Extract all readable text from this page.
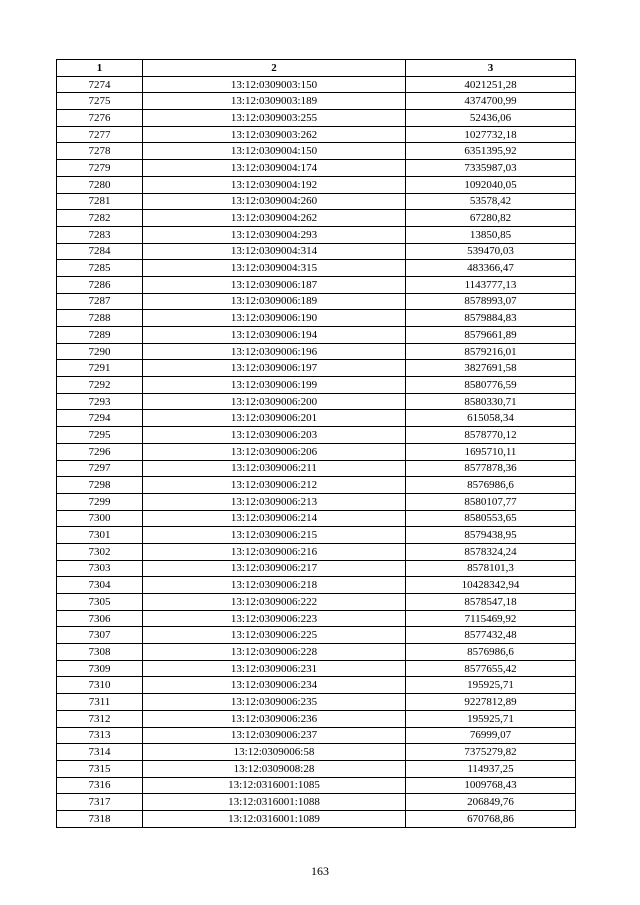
1	2	3
7274	13:12:0309003:150	4021251,28
7275	13:12:0309003:189	4374700,99
7276	13:12:0309003:255	52436,06
7277	13:12:0309003:262	1027732,18
7278	13:12:0309004:150	6351395,92
7279	13:12:0309004:174	7335987,03
7280	13:12:0309004:192	1092040,05
7281	13:12:0309004:260	53578,42
7282	13:12:0309004:262	67280,82
7283	13:12:0309004:293	13850,85
7284	13:12:0309004:314	539470,03
7285	13:12:0309004:315	483366,47
7286	13:12:0309006:187	1143777,13
7287	13:12:0309006:189	8578993,07
7288	13:12:0309006:190	8579884,83
7289	13:12:0309006:194	8579661,89
7290	13:12:0309006:196	8579216,01
7291	13:12:0309006:197	3827691,58
7292	13:12:0309006:199	8580776,59
7293	13:12:0309006:200	8580330,71
7294	13:12:0309006:201	615058,34
7295	13:12:0309006:203	8578770,12
7296	13:12:0309006:206	1695710,11
7297	13:12:0309006:211	8577878,36
7298	13:12:0309006:212	8576986,6
7299	13:12:0309006:213	8580107,77
7300	13:12:0309006:214	8580553,65
7301	13:12:0309006:215	8579438,95
7302	13:12:0309006:216	8578324,24
7303	13:12:0309006:217	8578101,3
7304	13:12:0309006:218	10428342,94
7305	13:12:0309006:222	8578547,18
7306	13:12:0309006:223	7115469,92
7307	13:12:0309006:225	8577432,48
7308	13:12:0309006:228	8576986,6
7309	13:12:0309006:231	8577655,42
7310	13:12:0309006:234	195925,71
7311	13:12:0309006:235	9227812,89
7312	13:12:0309006:236	195925,71
7313	13:12:0309006:237	76999,07
7314	13:12:0309006:58	7375279,82
7315	13:12:0309008:28	114937,25
7316	13:12:0316001:1085	1009768,43
7317	13:12:0316001:1088	206849,76
7318	13:12:0316001:1089	670768,86
163
